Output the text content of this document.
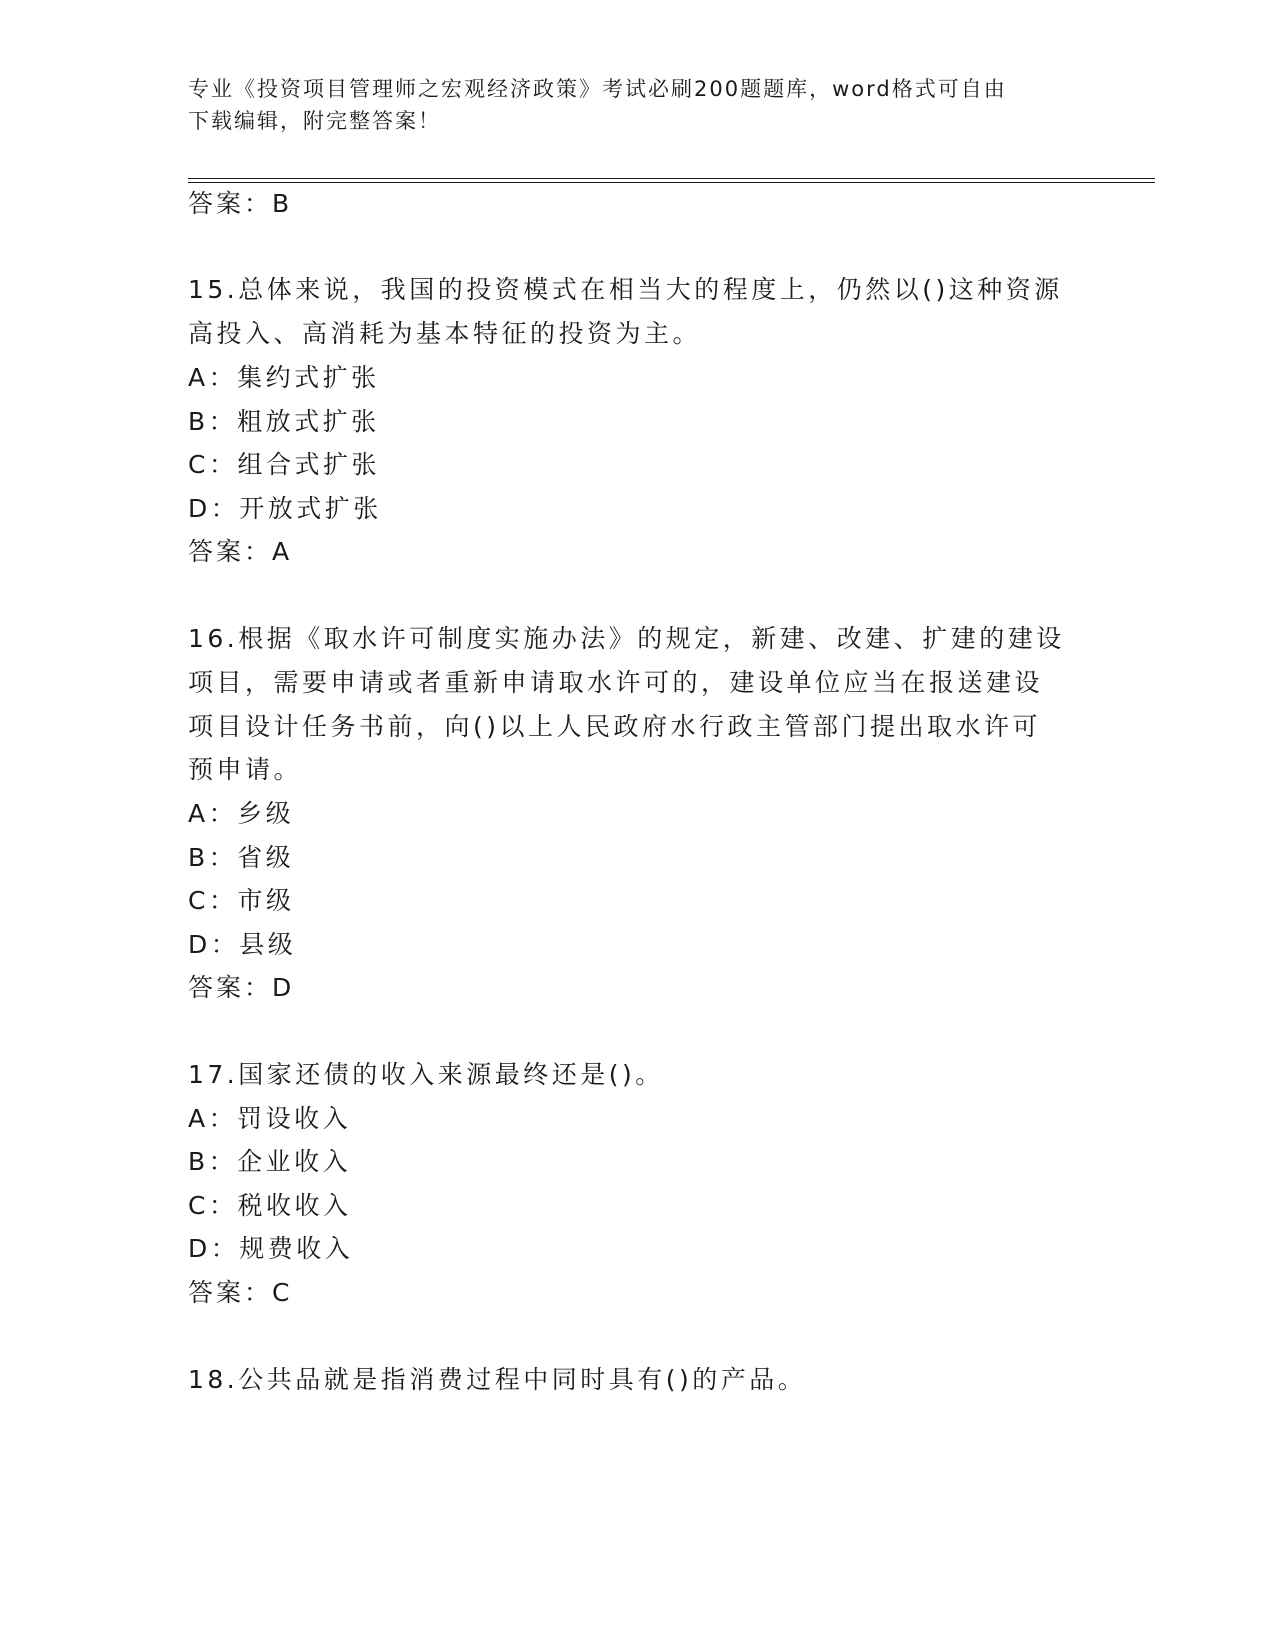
专业《投资项目管理师之宏观经济政策》考试必刷200题题库，word格式可自由
下载编辑，附完整答案！
答案：B
15.总体来说，我国的投资模式在相当大的程度上，仍然以()这种资源
高投入、高消耗为基本特征的投资为主。
A：集约式扩张
B：粗放式扩张
C：组合式扩张
D：开放式扩张
答案：A
16.根据《取水许可制度实施办法》的规定，新建、改建、扩建的建设
项目，需要申请或者重新申请取水许可的，建设单位应当在报送建设
项目设计任务书前，向()以上人民政府水行政主管部门提出取水许可
预申请。
A：乡级
B：省级
C：市级
D：县级
答案：D
17.国家还债的收入来源最终还是()。
A：罚设收入
B：企业收入
C：税收收入
D：规费收入
答案：C
18.公共品就是指消费过程中同时具有()的产品。
